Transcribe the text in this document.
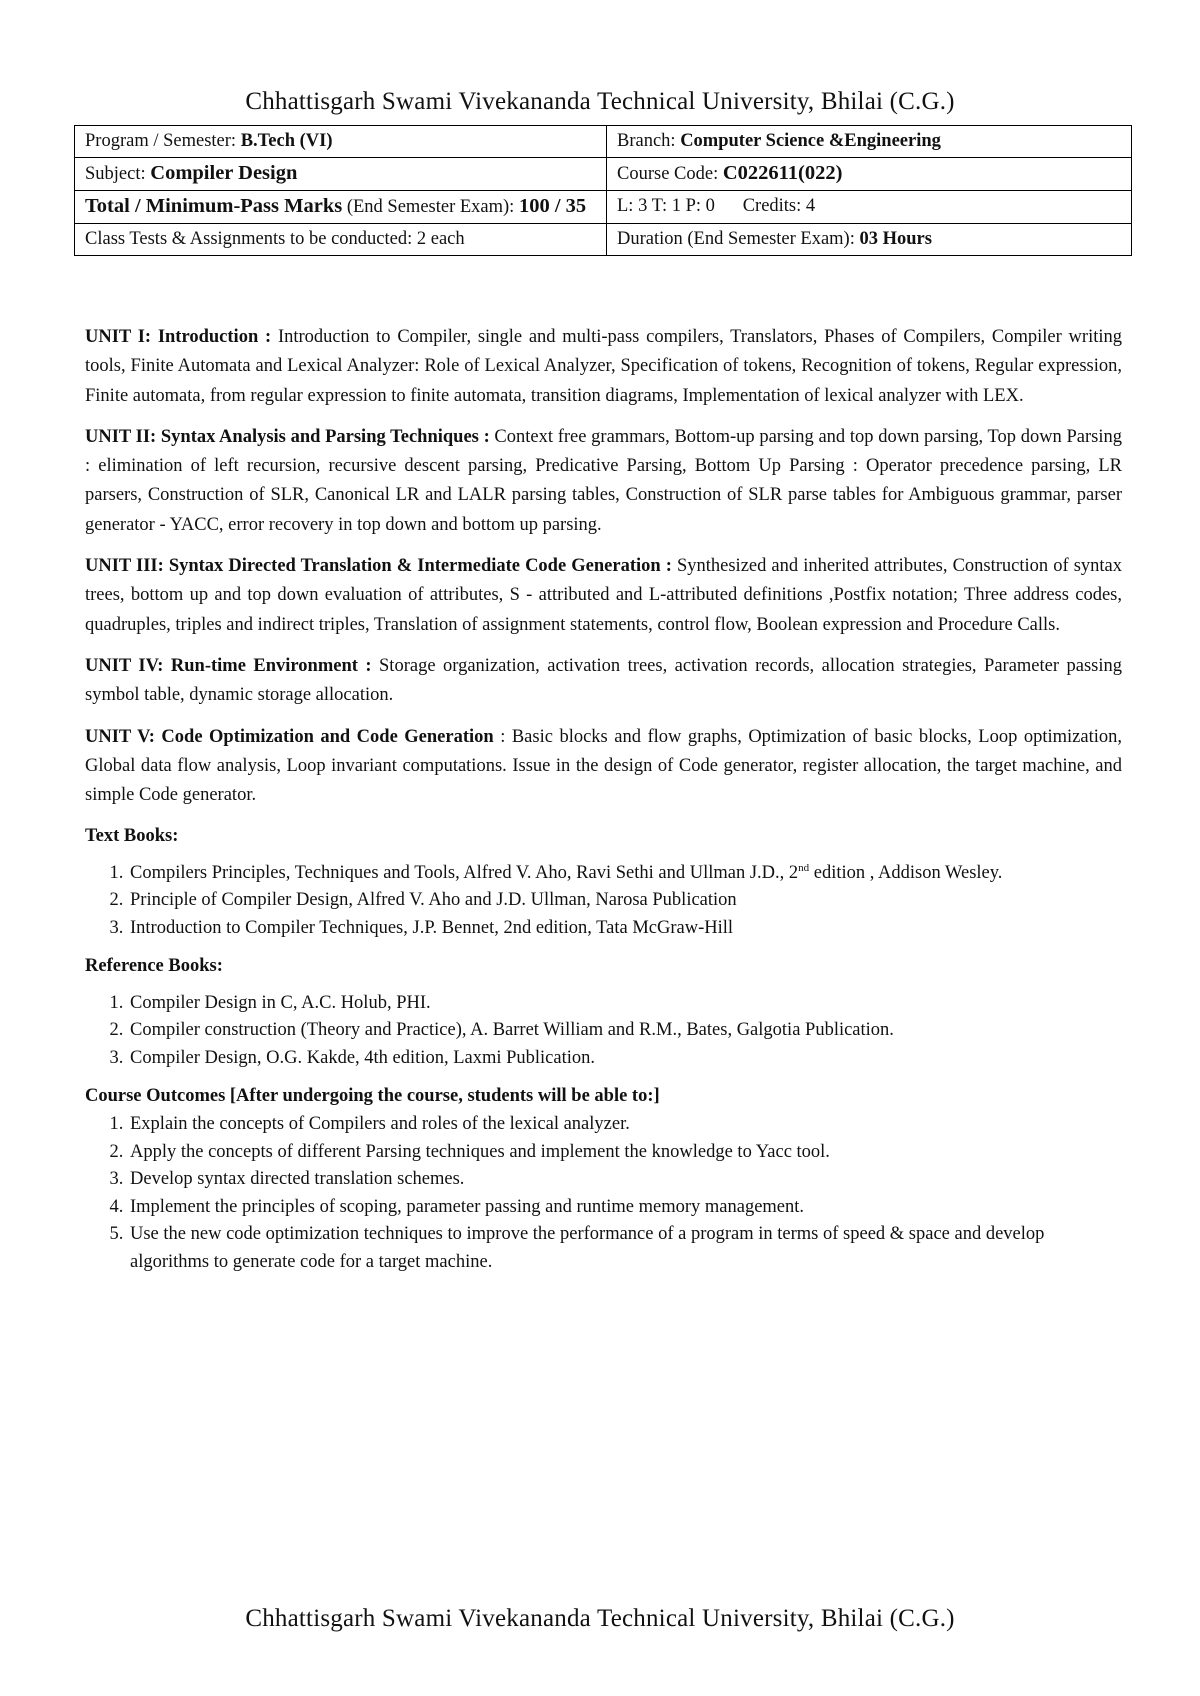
Chhattisgarh Swami Vivekananda Technical University, Bhilai (C.G.)
Program / Semester: B.Tech (VI)	Branch: Computer Science &Engineering
Subject: Compiler Design	Course Code: C022611(022)
Total / Minimum-Pass Marks (End Semester Exam): 100 / 35	L: 3 T: 1 P: 0 Credits: 4
Class Tests & Assignments to be conducted: 2 each	Duration (End Semester Exam): 03 Hours

UNIT I: Introduction : Introduction to Compiler, single and multi-pass compilers, Translators, Phases of Compilers, Compiler writing tools, Finite Automata and Lexical Analyzer: Role of Lexical Analyzer, Specification of tokens, Recognition of tokens, Regular expression, Finite automata, from regular expression to finite automata, transition diagrams, Implementation of lexical analyzer with LEX.

UNIT II: Syntax Analysis and Parsing Techniques : Context free grammars, Bottom-up parsing and top down parsing, Top down Parsing : elimination of left recursion, recursive descent parsing, Predicative Parsing, Bottom Up Parsing : Operator precedence parsing, LR parsers, Construction of SLR, Canonical LR and LALR parsing tables, Construction of SLR parse tables for Ambiguous grammar, parser generator - YACC, error recovery in top down and bottom up parsing.

UNIT III: Syntax Directed Translation & Intermediate Code Generation : Synthesized and inherited attributes, Construction of syntax trees, bottom up and top down evaluation of attributes, S - attributed and L-attributed definitions ,Postfix notation; Three address codes, quadruples, triples and indirect triples, Translation of assignment statements, control flow, Boolean expression and Procedure Calls.

UNIT IV: Run-time Environment : Storage organization, activation trees, activation records, allocation strategies, Parameter passing symbol table, dynamic storage allocation.

UNIT V: Code Optimization and Code Generation : Basic blocks and flow graphs, Optimization of basic blocks, Loop optimization, Global data flow analysis, Loop invariant computations. Issue in the design of Code generator, register allocation, the target machine, and simple Code generator.

Text Books:
1. Compilers Principles, Techniques and Tools, Alfred V. Aho, Ravi Sethi and Ullman J.D., 2nd edition , Addison Wesley.
2. Principle of Compiler Design, Alfred V. Aho and J.D. Ullman, Narosa Publication
3. Introduction to Compiler Techniques, J.P. Bennet, 2nd edition, Tata McGraw-Hill
Reference Books:
1. Compiler Design in C, A.C. Holub, PHI.
2. Compiler construction (Theory and Practice), A. Barret William and R.M., Bates, Galgotia Publication.
3. Compiler Design, O.G. Kakde, 4th edition, Laxmi Publication.
Course Outcomes [After undergoing the course, students will be able to:]
1. Explain the concepts of Compilers and roles of the lexical analyzer.
2. Apply the concepts of different Parsing techniques and implement the knowledge to Yacc tool.
3. Develop syntax directed translation schemes.
4. Implement the principles of scoping, parameter passing and runtime memory management.
5. Use the new code optimization techniques to improve the performance of a program in terms of speed & space and develop algorithms to generate code for a target machine.
Chhattisgarh Swami Vivekananda Technical University, Bhilai (C.G.)
